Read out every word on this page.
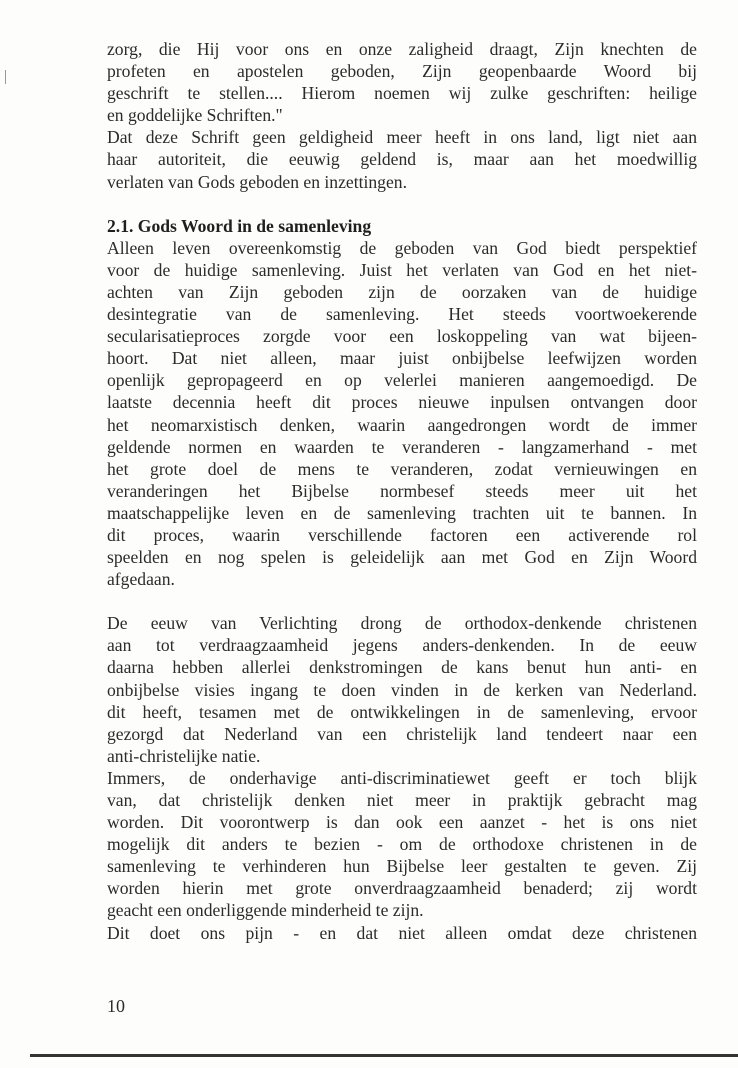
zorg, die Hij voor ons en onze zaligheid draagt, Zijn knechten de
profeten en apostelen geboden, Zijn geopenbaarde Woord bij
geschrift te stellen.... Hierom noemen wij zulke geschriften: heilige
en goddelijke Schriften."

Dat deze Schrift geen geldigheid meer heeft in ons land, ligt niet aan
haar autoriteit, die eeuwig geldend is, maar aan het moedwillig
verlaten van Gods geboden en inzettingen.

2.1. Gods Woord in de samenleving

Alleen leven overeenkomstig de geboden van God biedt perspektief
voor de huidige samenleving. Juist het verlaten van God en het niet-
achten van Zijn geboden zijn de oorzaken van de huidige
desintegratie van de samenleving. Het steeds voortwoekerende
secularisatieproces zorgde voor een loskoppeling van wat bijeen-
hoort. Dat niet alleen, maar juist onbijbelse leefwijzen worden
openlijk gepropageerd en op velerlei manieren aangemoedigd. De
laatste decennia heeft dit proces nieuwe inpulsen ontvangen door
het neomarxistisch denken, waarin aangedrongen wordt de immer
geldende normen en waarden te veranderen - langzamerhand - met
het grote doel de mens te veranderen, zodat vernieuwingen en
veranderingen het Bijbelse normbesef steeds meer uit het
maatschappelijke leven en de samenleving trachten uit te bannen. In
dit proces, waarin verschillende factoren een activerende rol
speelden en nog spelen is geleidelijk aan met God en Zijn Woord
afgedaan.

De eeuw van Verlichting drong de orthodox-denkende christenen
aan tot verdraagzaamheid jegens anders-denkenden. In de eeuw
daarna hebben allerlei denkstromingen de kans benut hun anti- en
onbijbelse visies ingang te doen vinden in de kerken van Nederland.
dit heeft, tesamen met de ontwikkelingen in de samenleving, ervoor
gezorgd dat Nederland van een christelijk land tendeert naar een
anti-christelijke natie.

Immers, de onderhavige anti-discriminatiewet geeft er toch blijk
van, dat christelijk denken niet meer in praktijk gebracht mag
worden. Dit voorontwerp is dan ook een aanzet - het is ons niet
mogelijk dit anders te bezien - om de orthodoxe christenen in de
samenleving te verhinderen hun Bijbelse leer gestalten te geven. Zij
worden hierin met grote onverdraagzaamheid benaderd; zij wordt
geacht een onderliggende minderheid te zijn.

Dit doet ons pijn - en dat niet alleen omdat deze christenen

10
